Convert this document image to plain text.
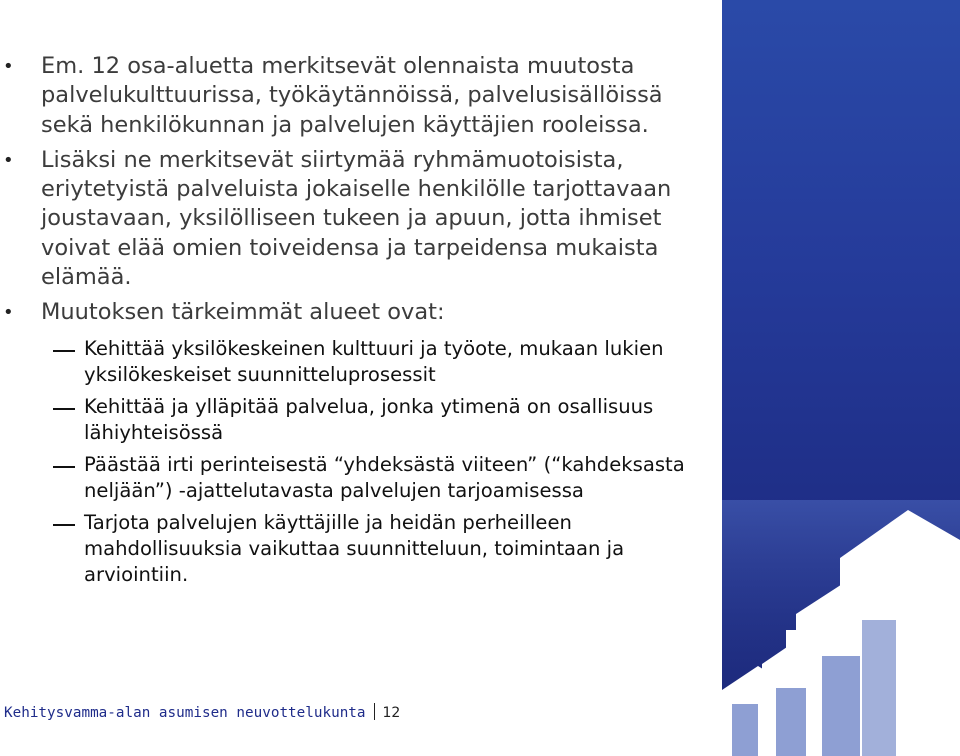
• Em. 12 osa-aluetta merkitsevät olennaista muutosta palvelukulttuurissa, työkäytännöissä, palvelusisällöissä sekä henkilökunnan ja palvelujen käyttäjien rooleissa.
• Lisäksi ne merkitsevät siirtymää ryhmämuotoisista, eriytetyistä palveluista jokaiselle henkilölle tarjottavaan joustavaan, yksilölliseen tukeen ja apuun, jotta ihmiset voivat elää omien toiveidensa ja tarpeidensa mukaista elämää.
• Muutoksen tärkeimmät alueet ovat:
Kehittää yksilökeskeinen kulttuuri ja työote, mukaan lukien yksilökeskeiset suunnitteluprosessit
Kehittää ja ylläpitää palvelua, jonka ytimenä on osallisuus lähiyhteisössä
Päästää irti perinteisestä “yhdeksästä viiteen” (“kahdeksasta neljään”) -ajattelutavasta palvelujen tarjoamisessa
Tarjota palvelujen käyttäjille ja heidän perheilleen mahdollisuuksia vaikuttaa suunnitteluun, toimintaan ja arviointiin.
Kehitysvamma-alan asumisen neuvottelukunta 12
